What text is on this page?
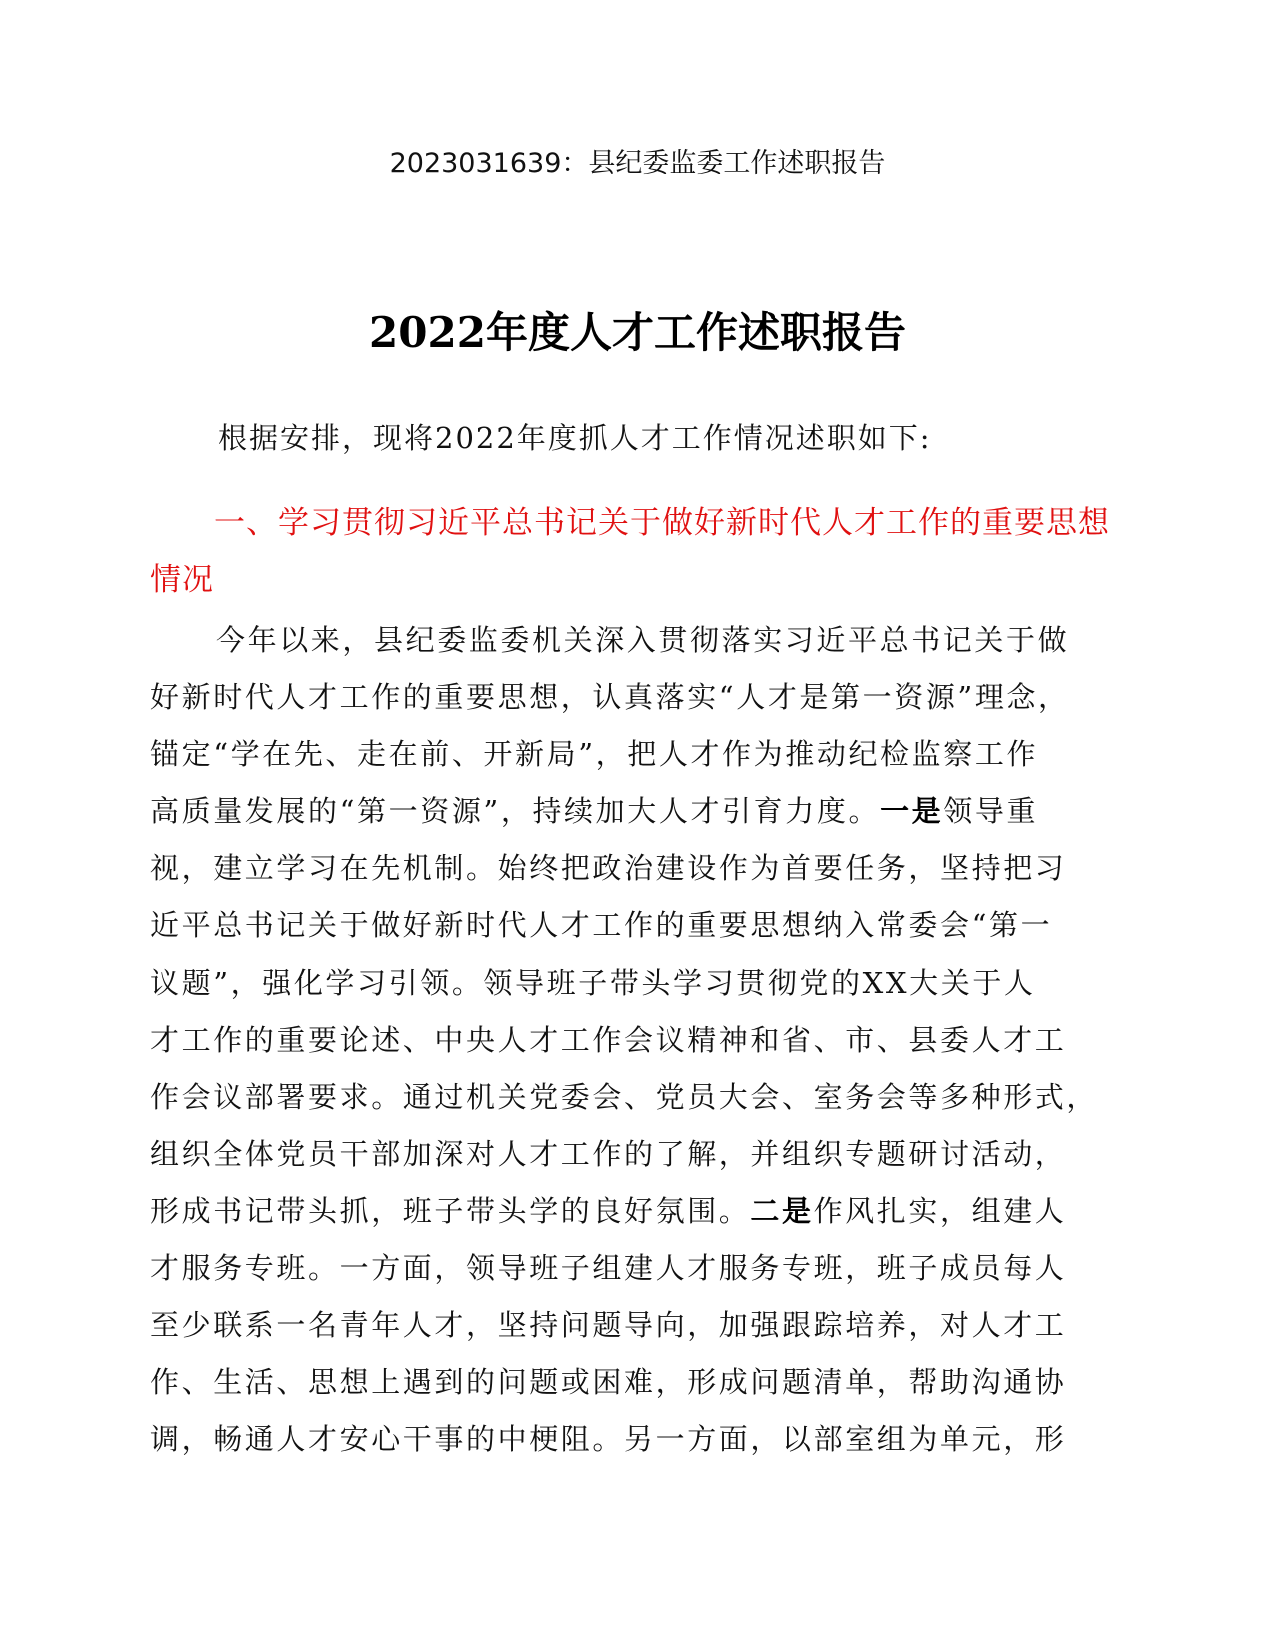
2023031639：县纪委监委工作述职报告
2022年度人才工作述职报告
根据安排，现将2022年度抓人才工作情况述职如下:
一、学习贯彻习近平总书记关于做好新时代人才工作的重要思想情况
今年以来，县纪委监委机关深入贯彻落实习近平总书记关于做
好新时代人才工作的重要思想，认真落实“人才是第一资源”理念，
锚定“学在先、走在前、开新局”，把人才作为推动纪检监察工作
高质量发展的“第一资源”，持续加大人才引育力度。一是领导重
视，建立学习在先机制。始终把政治建设作为首要任务，坚持把习
近平总书记关于做好新时代人才工作的重要思想纳入常委会“第一
议题”，强化学习引领。领导班子带头学习贯彻党的XX大关于人
才工作的重要论述、中央人才工作会议精神和省、市、县委人才工
作会议部署要求。通过机关党委会、党员大会、室务会等多种形式，
组织全体党员干部加深对人才工作的了解，并组织专题研讨活动，
形成书记带头抓，班子带头学的良好氛围。二是作风扎实，组建人
才服务专班。一方面，领导班子组建人才服务专班，班子成员每人
至少联系一名青年人才，坚持问题导向，加强跟踪培养，对人才工
作、生活、思想上遇到的问题或困难，形成问题清单，帮助沟通协
调，畅通人才安心干事的中梗阻。另一方面，以部室组为单元，形
